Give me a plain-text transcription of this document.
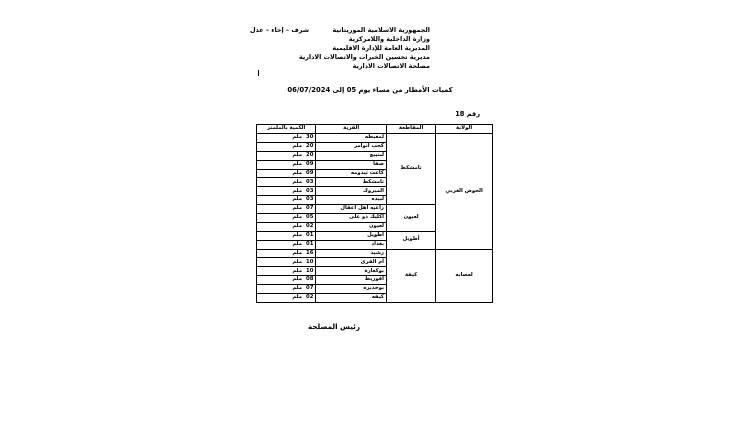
الجمهورية الاسلامية الموريتانية
وزارة الداخلية واللامركزية
المديرية العامة للإدارة الاقليمية
مديرية تحسين الخبرات والاتصالات الادارية
مصلحة الاتصالات الادارية
شرف – إخاء – عدل
كميات الأمطار من مساء يوم 05 إلى 06/07/2024
رقم 18
الولاية	المقاطعة	القرية	الكمية بالملمتر
الحوض الغربي	تامشكط	لمغيطه	30ملم
		كحب أنوامر	20ملم
		لبنيبع	20ملم
		صفا	09ملم
		كاعت تيدومه	09ملم
		تامشكط	03ملم
		المبروك	03ملم
		لبيده	03ملم
	لعيون	زاغيه اهل أعقال	07ملم
		اكليك ذو على	05ملم
		لعيون	02ملم
	أطويل	أطويل	01ملم
		بغداد	01ملم
لعصابه	كيفة	رشيد	16ملم
		أم القرى	10ملم
		بوكعارة	10ملم
		أقوريط	08ملم
		بوخديره	07ملم
		كيفه	02ملم
رئيس المصلحة
